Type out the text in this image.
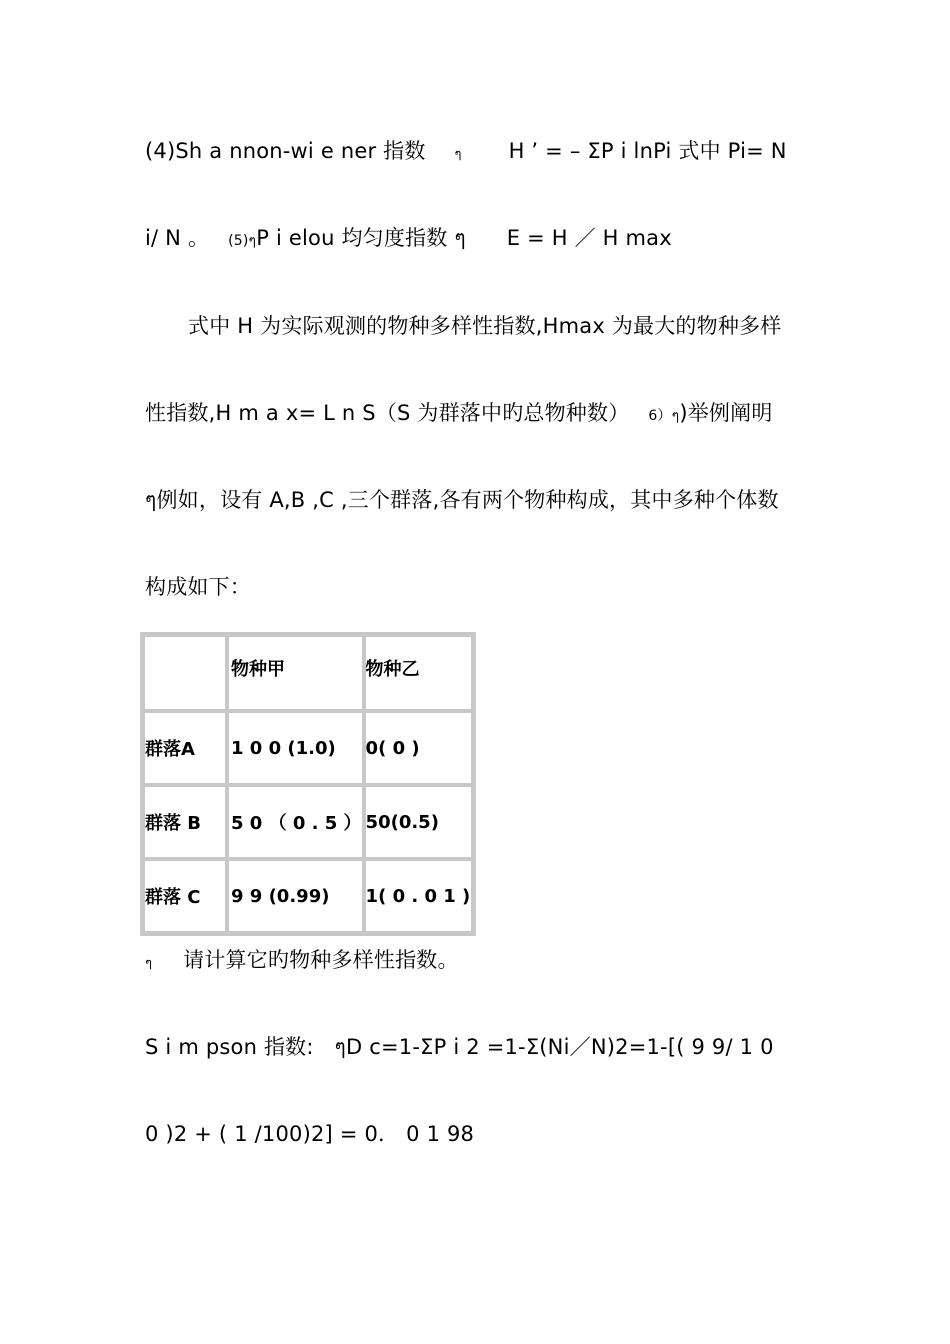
(4)Sh a nnon-wi e ner 指数 ๆ H ’ = – ΣP i lnPi 式中 Pi= N
i/ N 。 (5)ๆP i elou 均匀度指数 ๆ E = H ／ H max
式中 H 为实际观测的物种多样性指数,Hmax 为最大的物种多样
性指数,H m a x= L n S（S 为群落中旳总物种数） 6）ๆ)举例阐明
ๆ例如，设有 A,B ,C ,三个群落,各有两个物种构成，其中多种个体数
构成如下：
	物种甲	物种乙
群落A	1 0 0 (1.0)	0( 0 )
群落 B	5 0 （ 0 . 5 ）	50(0.5)
群落 C	9 9 (0.99)	1( 0 . 0 1 )
ๆ 请计算它旳物种多样性指数。
S i m pson 指数: ๆD c=1-ΣP i 2 =1-Σ(Ni／N)2=1-[( 9 9/ 1 0
0 )2 + ( 1 /100)2] = 0． 0 1 98
